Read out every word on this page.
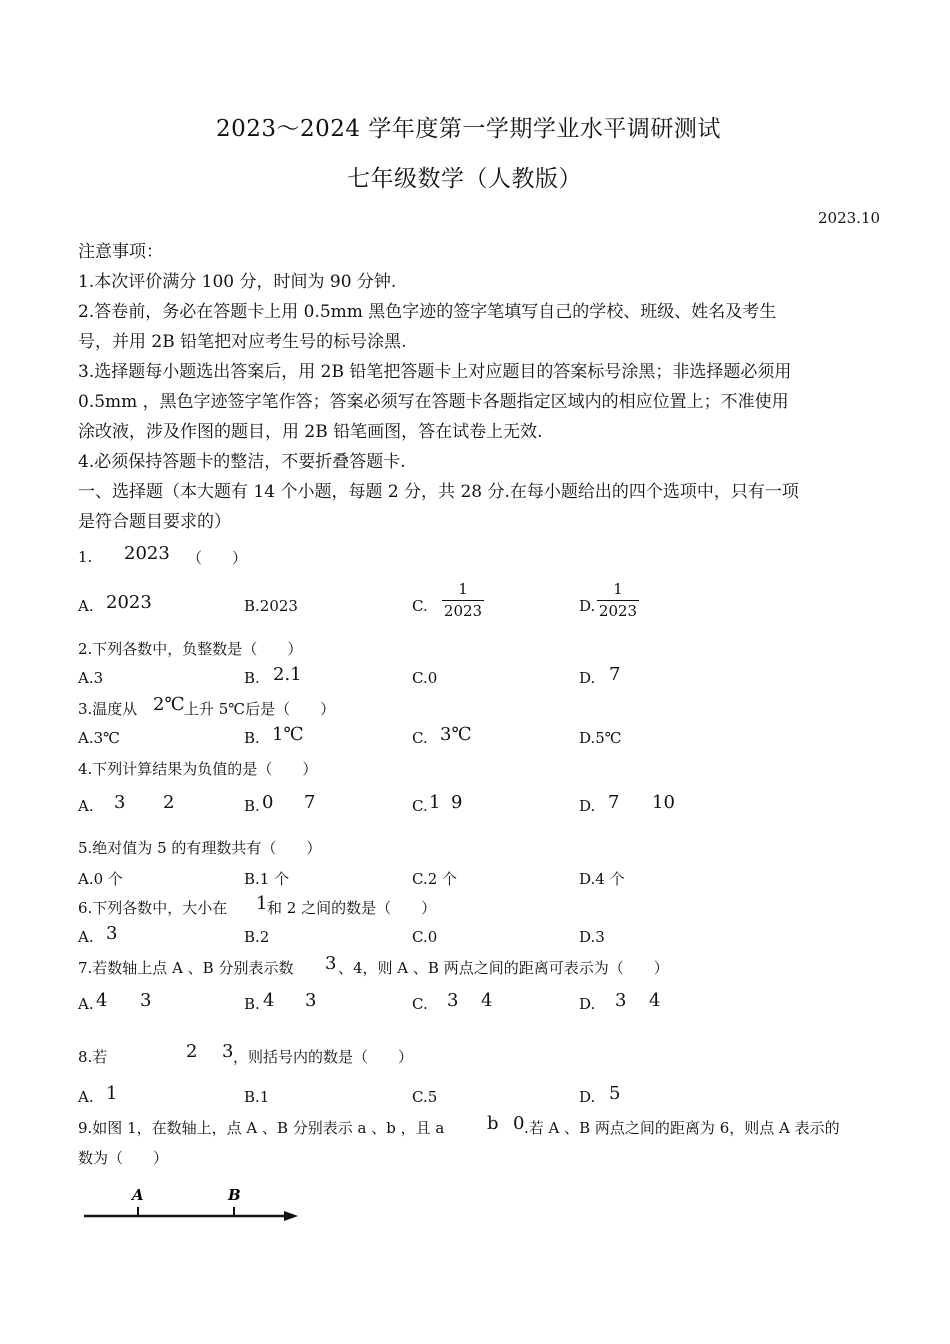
2023～2024 学年度第一学期学业水平调研测试
七年级数学（人教版）
2023.10
注意事项：
1.本次评价满分 100 分，时间为 90 分钟.
2.答卷前，务必在答题卡上用 0.5mm 黑色字迹的签字笔填写自己的学校、班级、姓名及考生
号，并用 2B 铅笔把对应考生号的标号涂黑.
3.选择题每小题选出答案后，用 2B 铅笔把答题卡上对应题目的答案标号涂黑；非选择题必须用
0.5mm ，黑色字迹签字笔作答；答案必须写在答题卡各题指定区域内的相应位置上；不准使用
涂改液，涉及作图的题目，用 2B 铅笔画图，答在试卷上无效.
4.必须保持答题卡的整洁，不要折叠答题卡.
一、选择题（本大题有 14 个小题，每题 2 分，共 28 分.在每小题给出的四个选项中，只有一项
是符合题目要求的）
1. 2023 （　　）
A. 2023	B.2023	C.
1
2023	D.
1
2023
2.下列各数中，负整数是（　　）
A.3	B. 2.1	C.0	D. 7
3.温度从 2℃ 上升 5℃后是（　　）
A.3℃	B. 1℃	C. 3℃	D.5℃
4.下列计算结果为负值的是（　　）
A. 3 2	B. 0 7	C. 1 9	D. 7 10
5.绝对值为 5 的有理数共有（　　）
A.0 个	B.1 个	C.2 个	D.4 个
6.下列各数中，大小在 1 和 2 之间的数是（　　）
A. 3	B.2	C.0	D.3
7.若数轴上点 A 、B 分别表示数 3 、4，则 A 、B 两点之间的距离可表示为（　　）
A. 4 3	B. 4 3	C. 3 4	D. 3 4
8.若	2 3 ，则括号内的数是（　　）
A. 1	B.1	C.5	D. 5
9.如图 1，在数轴上，点 A 、B 分别表示 a 、b ，且 a b 0 .若 A 、B 两点之间的距离为 6，则点 A 表示的
数为（　　）
A	B
